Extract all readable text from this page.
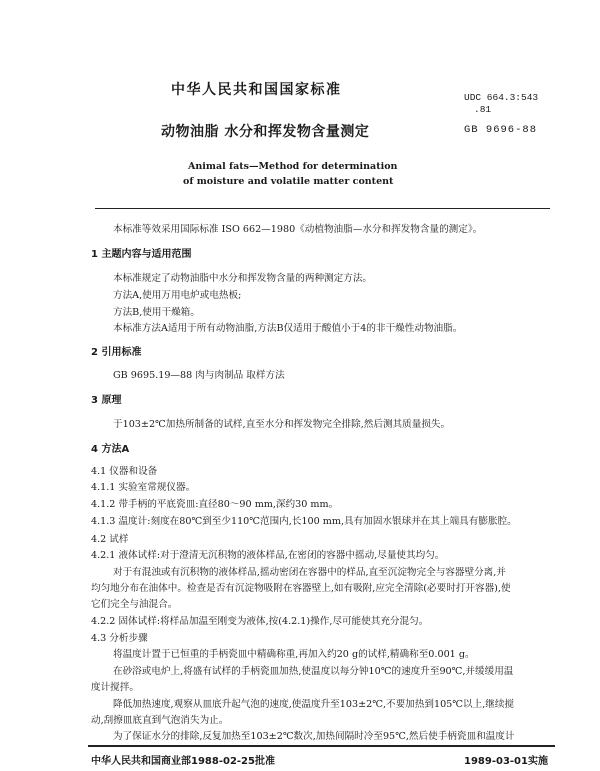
中华人民共和国国家标准	UDC 664.3:543
.81
动物油脂 水分和挥发物含量测定	GB 9696-88
Animal fats—Method for determination
of moisture and volatile matter content
本标准等效采用国际标准 ISO 662—1980《动植物油脂—水分和挥发物含量的测定》。
1 主题内容与适用范围
本标准规定了动物油脂中水分和挥发物含量的两种测定方法。
方法A,使用万用电炉或电热板;
方法B,使用干燥箱。
本标准方法A适用于所有动物油脂,方法B仅适用于酸值小于4的非干燥性动物油脂。
2 引用标准
GB 9695.19—88 肉与肉制品 取样方法
3 原理
于103±2℃加热所制备的试样,直至水分和挥发物完全排除,然后测其质量损失。
4 方法A
4.1 仪器和设备
4.1.1 实验室常规仪器。
4.1.2 带手柄的平底瓷皿:直径80～90 mm,深约30 mm。
4.1.3 温度计:刻度在80℃到至少110℃范围内,长100 mm,具有加固水银球并在其上端具有膨胀腔。
4.2 试样
4.2.1 液体试样:对于澄清无沉积物的液体样品,在密闭的容器中摇动,尽量使其均匀。
对于有混浊或有沉积物的液体样品,摇动密闭在容器中的样品,直至沉淀物完全与容器壁分离,并
均匀地分布在油体中。检查是否有沉淀物吸附在容器壁上,如有吸附,应完全清除(必要时打开容器),使
它们完全与油混合。
4.2.2 固体试样:将样品加温至刚变为液体,按(4.2.1)操作,尽可能使其充分混匀。
4.3 分析步骤
将温度计置于已恒重的手柄瓷皿中精确称重,再加入约20 g的试样,精确称至0.001 g。
在砂浴或电炉上,将盛有试样的手柄瓷皿加热,使温度以每分钟10℃的速度升至90℃,并缓缓用温
度计搅拌。
降低加热速度,观察从皿底升起气泡的速度,使温度升至103±2℃,不要加热到105℃以上,继续搅
动,刮擦皿底直到气泡消失为止。
为了保证水分的排除,反复加热至103±2℃数次,加热间隔时冷至95℃,然后使手柄瓷皿和温度计
中华人民共和国商业部1988-02-25批准	1989-03-01实施
